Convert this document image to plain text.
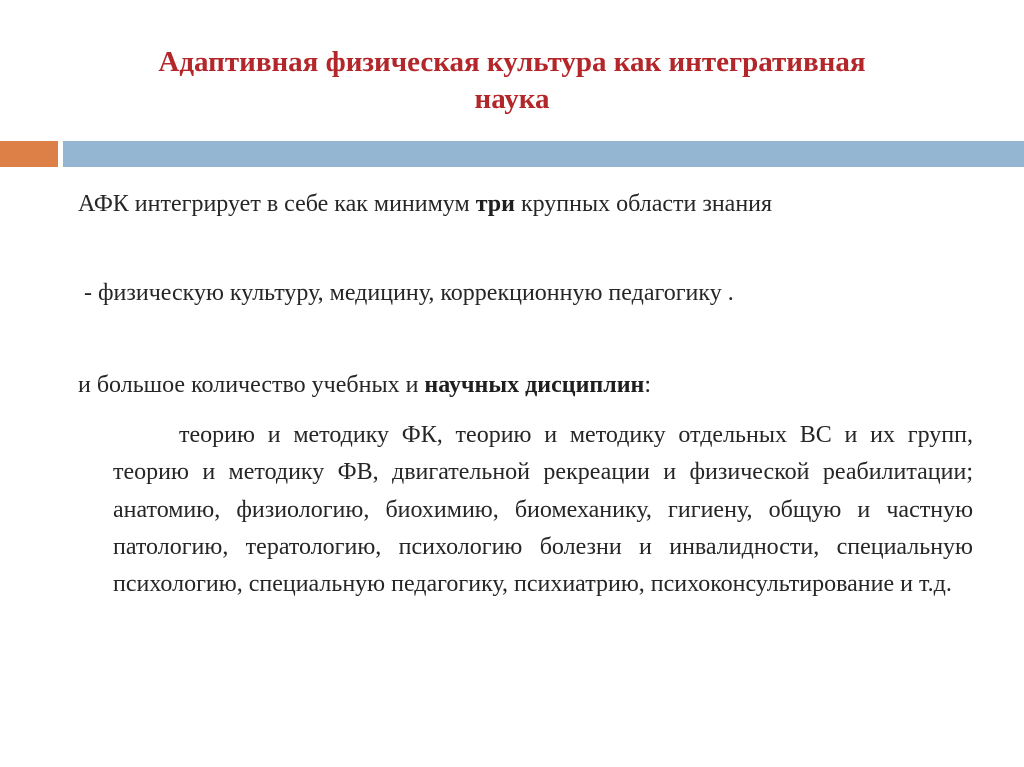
Адаптивная физическая культура как интегративная
наука

АФК интегрирует в себе как минимум три крупных области знания

- физическую культуру, медицину, коррекционную педагогику .

и большое количество учебных и научных дисциплин:

теорию и методику ФК, теорию и методику отдельных ВС и их групп, теорию и методику ФВ, двигательной рекреации и физической реабилитации; анатомию, физиологию, биохимию, биомеханику, гигиену, общую и частную патологию, тератологию, психологию болезни и инвалидности, специальную психологию, специальную педагогику, психиатрию, психоконсультирование и т.д.
